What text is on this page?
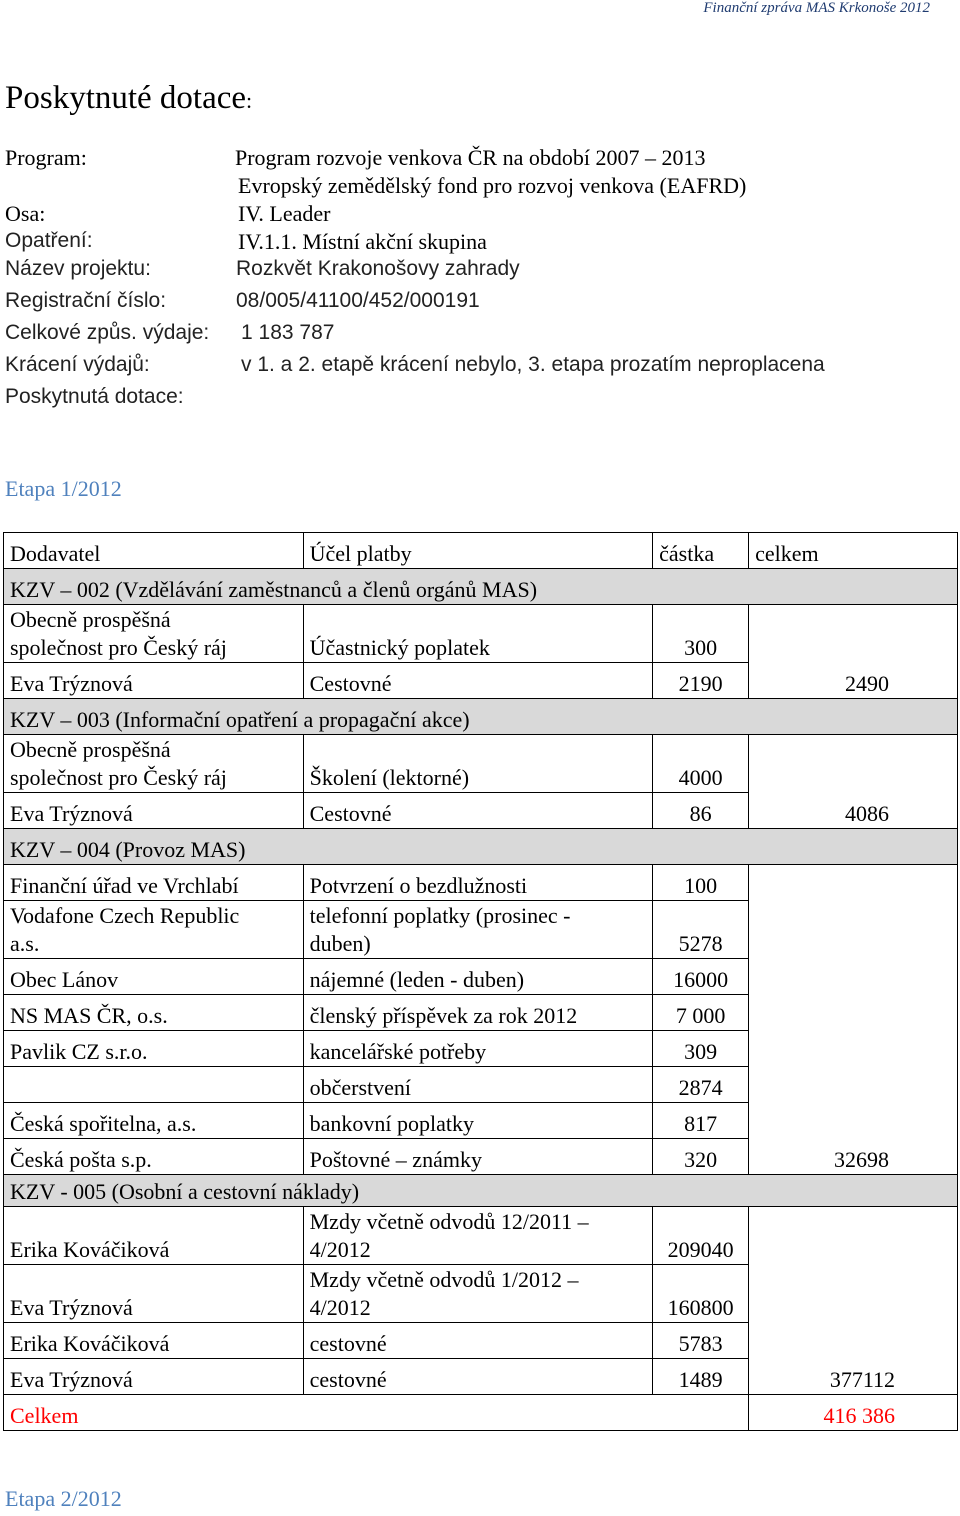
Finanční zpráva MAS Krkonoše 2012
Poskytnuté dotace:
Program:	Program rozvoje venkova ČR na období 2007 – 2013
Evropský zemědělský fond pro rozvoj venkova (EAFRD)
Osa:	IV. Leader
Opatření:	IV.1.1. Místní akční skupina
Název projektu:	Rozkvět Krakonošovy zahrady
Registrační číslo:	08/005/41100/452/000191
Celkové způs. výdaje: 1 183 787
Krácení výdajů:	v 1. a 2. etapě krácení nebylo, 3. etapa prozatím neproplacena
Poskytnutá dotace:
Etapa 1/2012
Dodavatel	Účel platby	částka	celkem
KZV – 002 (Vzdělávání zaměstnanců a členů orgánů MAS)			
Obecně prospěšná
společnost pro Český ráj	Účastnický poplatek	300	
Eva Trýznová	Cestovné	2190	2490
KZV – 003 (Informační opatření a propagační akce)			
Obecně prospěšná
společnost pro Český ráj	Školení (lektorné)	4000	
Eva Trýznová	Cestovné	86	4086
KZV – 004 (Provoz MAS)			
Finanční úřad ve Vrchlabí	Potvrzení o bezdlužnosti	100	
Vodafone Czech Republic
a.s.	telefonní poplatky (prosinec -
duben)	5278	
Obec Lánov	nájemné (leden - duben)	16000	
NS MAS ČR, o.s.	členský příspěvek za rok 2012	7 000	
Pavlik CZ s.r.o.	kancelářské potřeby	309	
	občerstvení	2874	
Česká spořitelna, a.s.	bankovní poplatky	817	
Česká pošta s.p.	Poštovné – známky	320	32698
KZV - 005 (Osobní a cestovní náklady)			
Erika Kováčiková	Mzdy včetně odvodů 12/2011 –
4/2012	209040	
Eva Trýznová	Mzdy včetně odvodů 1/2012 –
4/2012	160800	
Erika Kováčiková	cestovné	5783	
Eva Trýznová	cestovné	1489	377112
Celkem			416 386
Etapa 2/2012
